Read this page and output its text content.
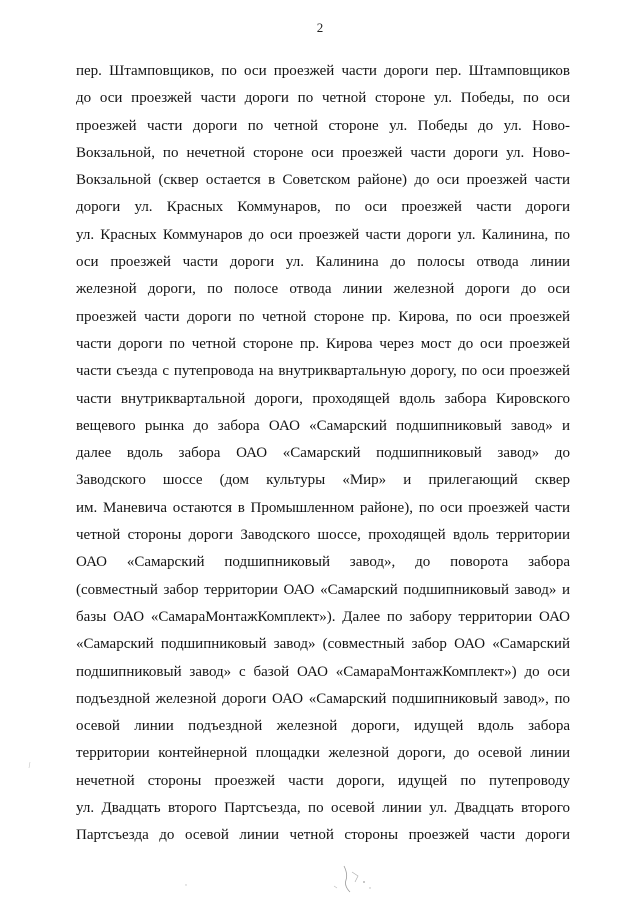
2
пер. Штамповщиков, по оси проезжей части дороги пер. Штамповщиков
до оси проезжей части дороги по четной стороне ул. Победы, по оси
проезжей части дороги по четной стороне ул. Победы до ул. Ново-
Вокзальной, по нечетной стороне оси проезжей части дороги ул. Ново-
Вокзальной (сквер остается в Советском районе) до оси проезжей части
дороги ул. Красных Коммунаров, по оси проезжей части дороги
ул. Красных Коммунаров до оси проезжей части дороги ул. Калинина, по
оси проезжей части дороги ул. Калинина до полосы отвода линии
железной дороги, по полосе отвода линии железной дороги до оси
проезжей части дороги по четной стороне пр. Кирова, по оси проезжей
части дороги по четной стороне пр. Кирова через мост до оси проезжей
части съезда с путепровода на внутриквартальную дорогу, по оси проезжей
части внутриквартальной дороги, проходящей вдоль забора Кировского
вещевого рынка до забора ОАО «Самарский подшипниковый завод» и
далее вдоль забора ОАО «Самарский подшипниковый завод» до
Заводского шоссе (дом культуры «Мир» и прилегающий сквер
им. Маневича остаются в Промышленном районе), по оси проезжей части
четной стороны дороги Заводского шоссе, проходящей вдоль территории
ОАО «Самарский подшипниковый завод», до поворота забора
(совместный забор территории ОАО «Самарский подшипниковый завод» и
базы ОАО «СамараМонтажКомплект»). Далее по забору территории ОАО
«Самарский подшипниковый завод» (совместный забор ОАО «Самарский
подшипниковый завод» с базой ОАО «СамараМонтажКомплект») до оси
подъездной железной дороги ОАО «Самарский подшипниковый завод», по
осевой линии подъездной железной дороги, идущей вдоль забора
территории контейнерной площадки железной дороги, до осевой линии
нечетной стороны проезжей части дороги, идущей по путепроводу
ул. Двадцать второго Партсъезда, по осевой линии ул. Двадцать второго
Партсъезда до осевой линии четной стороны проезжей части дороги
